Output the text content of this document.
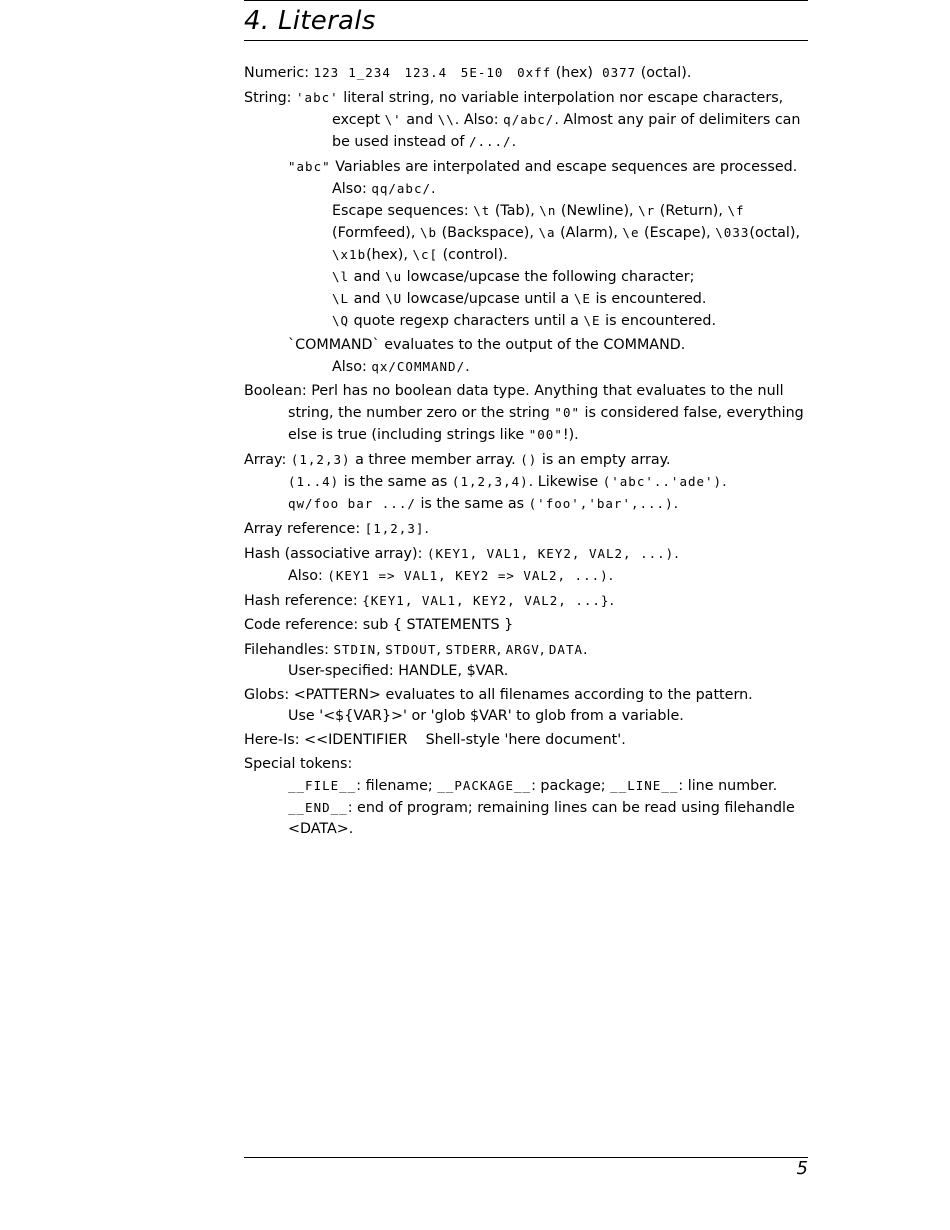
4. Literals
Numeric: 123 1_234 123.4 5E-10 0xff (hex) 0377 (octal).
String: 'abc' literal string, no variable interpolation nor escape characters, except \' and \\. Also: q/abc/. Almost any pair of delimiters can be used instead of /.../.
"abc" Variables are interpolated and escape sequences are processed.
Also: qq/abc/.
Escape sequences: \t (Tab), \n (Newline), \r (Return), \f (Formfeed), \b (Backspace), \a (Alarm), \e (Escape), \033(octal), \x1b(hex), \c[ (control).
\l and \u lowcase/upcase the following character;
\L and \U lowcase/upcase until a \E is encountered.
\Q quote regexp characters until a \E is encountered.
`COMMAND` evaluates to the output of the COMMAND.
Also: qx/COMMAND/.
Boolean: Perl has no boolean data type. Anything that evaluates to the null string, the number zero or the string "0" is considered false, everything else is true (including strings like "00"!).
Array: (1,2,3) a three member array. () is an empty array.
(1..4) is the same as (1,2,3,4). Likewise ('abc'..'ade').
qw/foo bar .../ is the same as ('foo','bar',...).
Array reference: [1,2,3].
Hash (associative array): (KEY1, VAL1, KEY2, VAL2, ...).
Also: (KEY1 => VAL1, KEY2 => VAL2, ...).
Hash reference: {KEY1, VAL1, KEY2, VAL2, ...}.
Code reference: sub { STATEMENTS }
Filehandles: STDIN, STDOUT, STDERR, ARGV, DATA.
User-specified: HANDLE, $VAR.
Globs: <PATTERN> evaluates to all filenames according to the pattern.
Use '<${VAR}>' or 'glob $VAR' to glob from a variable.
Here-Is: <<IDENTIFIER Shell-style 'here document'.
Special tokens:
__FILE__: filename; __PACKAGE__: package; __LINE__: line number.
__END__: end of program; remaining lines can be read using filehandle <DATA>.
5
